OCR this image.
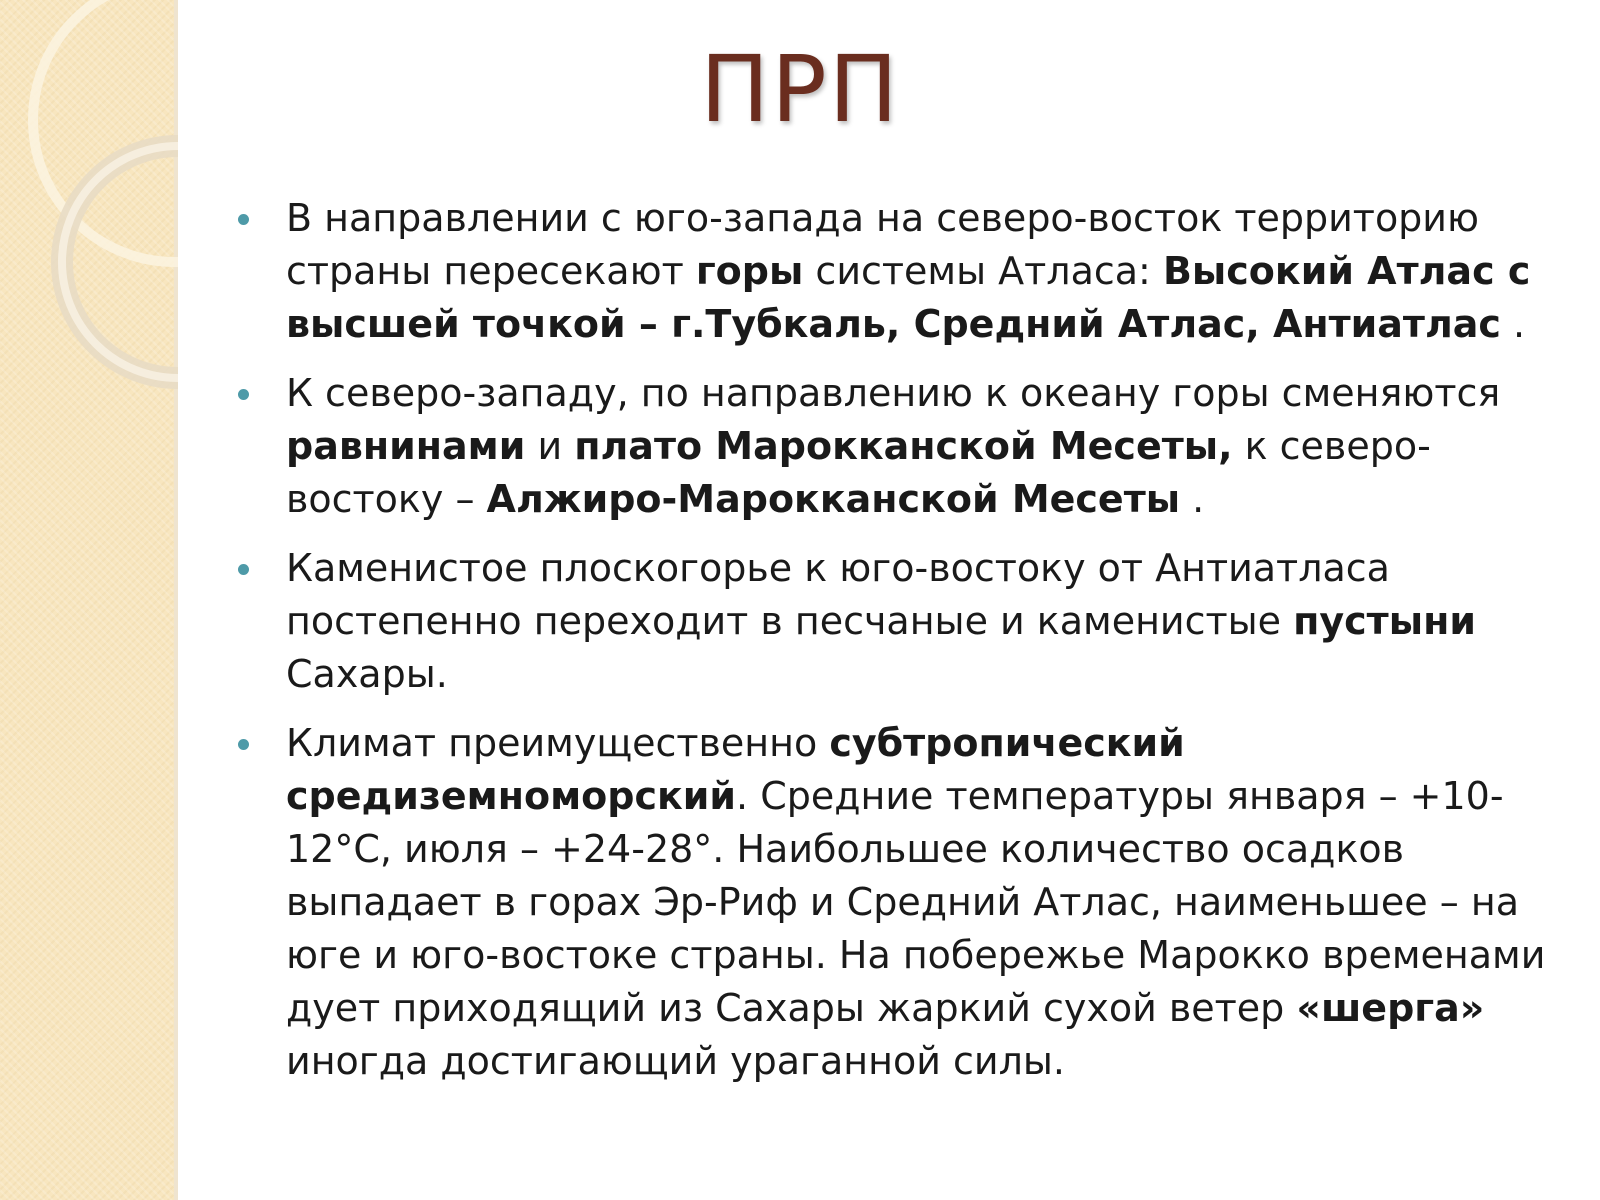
ПРП
В направлении с юго-запада на северо-восток территорию страны пересекают горы системы Атласа: Высокий Атлас с высшей точкой – г.Тубкаль, Средний Атлас, Антиатлас .
К северо-западу, по направлению к океану горы сменяются равнинами и плато Марокканской Месеты, к северо-востоку – Алжиро-Марокканской Месеты .
Каменистое плоскогорье к юго-востоку от Антиатласа постепенно переходит в песчаные и каменистые пустыни Сахары.
Климат преимущественно субтропический средиземноморский. Средние температуры января – +10-12°С, июля – +24-28°. Наибольшее количество осадков выпадает в горах Эр-Риф и Средний Атлас, наименьшее – на юге и юго-востоке страны. На побережье Марокко временами дует приходящий из Сахары жаркий сухой ветер «шерга» иногда достигающий ураганной силы.
